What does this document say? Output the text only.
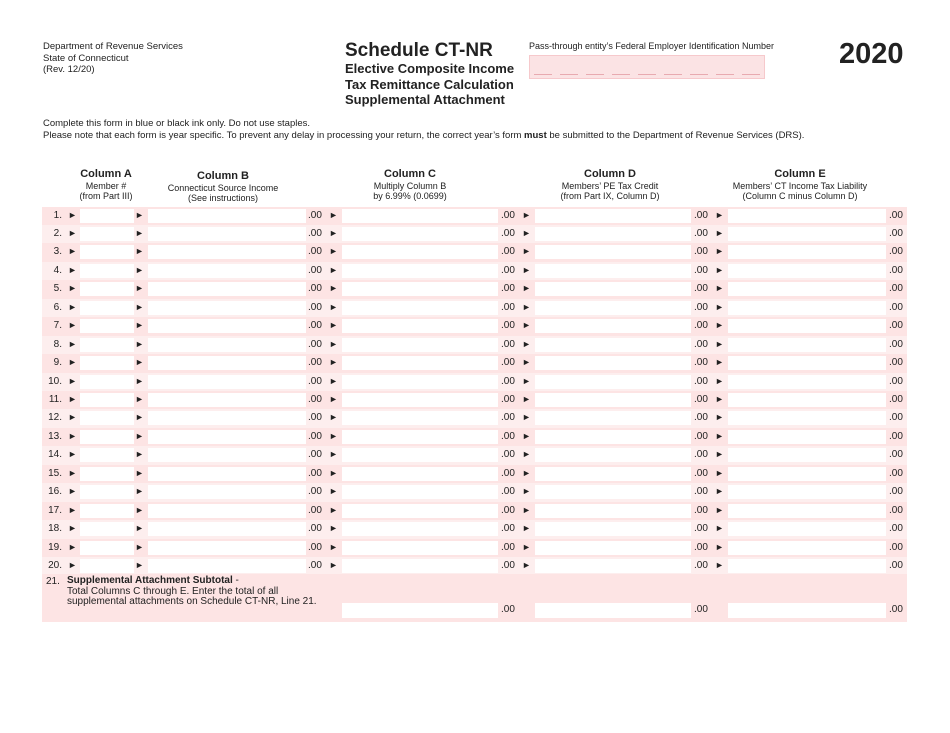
Department of Revenue Services
State of Connecticut
(Rev. 12/20)
Schedule CT-NR
Elective Composite Income
Tax Remittance Calculation
Supplemental Attachment
Pass-through entity’s Federal Employer Identification Number 2020
Complete this form in blue or black ink only. Do not use staples.
Please note that each form is year specific. To prevent any delay in processing your return, the correct year’s form must be submitted to the Department of Revenue Services (DRS).
Column A
Member #
(from Part III)
Column B
Connecticut Source Income
(See instructions)
Column C
Multiply Column B
by 6.99% (0.0699)
Column D
Members’ PE Tax Credit
(from Part IX, Column D)
Column E
Members’ CT Income Tax Liability
(Column C minus Column D)
1. ►	►	.00 ►	.00 ►	.00 ►	.00
2. ►	►	.00 ►	.00 ►	.00 ►	.00
3. ►	►	.00 ►	.00 ►	.00 ►	.00
4. ►	►	.00 ►	.00 ►	.00 ►	.00
5. ►	►	.00 ►	.00 ►	.00 ►	.00
6. ►	►	.00 ►	.00 ►	.00 ►	.00
7. ►	►	.00 ►	.00 ►	.00 ►	.00
8. ►	►	.00 ►	.00 ►	.00 ►	.00
9. ►	►	.00 ►	.00 ►	.00 ►	.00
10. ►	►	.00 ►	.00 ►	.00 ►	.00
11. ►	►	.00 ►	.00 ►	.00 ►	.00
12. ►	►	.00 ►	.00 ►	.00 ►	.00
13. ►	►	.00 ►	.00 ►	.00 ►	.00
14. ►	►	.00 ►	.00 ►	.00 ►	.00
15. ►	►	.00 ►	.00 ►	.00 ►	.00
16. ►	►	.00 ►	.00 ►	.00 ►	.00
17. ►	►	.00 ►	.00 ►	.00 ►	.00
18. ►	►	.00 ►	.00 ►	.00 ►	.00
19. ►	►	.00 ►	.00 ►	.00 ►	.00
20. ►	►	.00 ►	.00 ►	.00 ►	.00
21. Supplemental Attachment Subtotal -
Total Columns C through E. Enter the total of all supplemental attachments on Schedule CT-NR, Line 21.
.00	.00	.00
